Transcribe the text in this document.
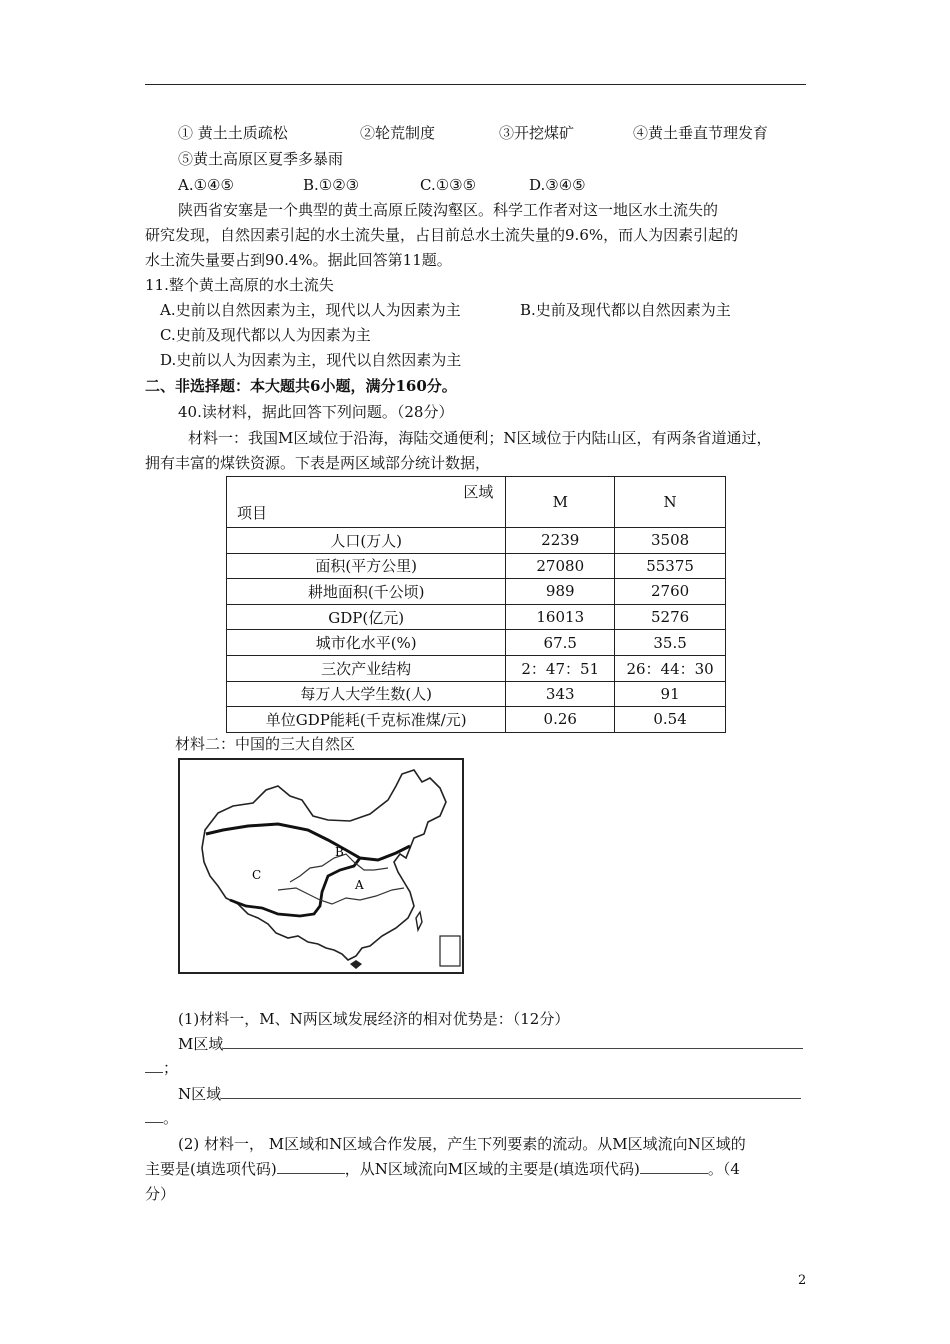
① 黄土土质疏松	②轮荒制度	③开挖煤矿	④黄土垂直节理发育
⑤黄土高原区夏季多暴雨
A.①④⑤	B.①②③	C.①③⑤	D.③④⑤
陕西省安塞是一个典型的黄土高原丘陵沟壑区。科学工作者对这一地区水土流失的
研究发现，自然因素引起的水土流失量，占目前总水土流失量的9.6%，而人为因素引起的
水土流失量要占到90.4%。据此回答第11题。
11.整个黄土高原的水土流失
A.史前以自然因素为主，现代以人为因素为主	B.史前及现代都以自然因素为主
C.史前及现代都以人为因素为主
D.史前以人为因素为主，现代以自然因素为主
二、非选择题：本大题共6小题，满分160分。
40.读材料，据此回答下列问题。（28分）
材料一：我国M区域位于沿海，海陆交通便利；N区域位于内陆山区，有两条省道通过，
拥有丰富的煤铁资源。下表是两区域部分统计数据，
区域
项目	M	N
人口(万人)	2239	3508
面积(平方公里)	27080	55375
耕地面积(千公顷)	989	2760
GDP(亿元)	16013	5276
城市化水平(%)	67.5	35.5
三次产业结构	2：47：51	26：44：30
每万人大学生数(人)	343	91
单位GDP能耗(千克标准煤/元)	0.26	0.54
材料二：中国的三大自然区
B
C
A
(1)材料一，M、N两区域发展经济的相对优势是：（12分）
M区域
；
N区域
。
(2) 材料一， M区域和N区域合作发展，产生下列要素的流动。从M区域流向N区域的
主要是(填选项代码)	，从N区域流向M区域的主要是(填选项代码)	。（4
分）
2
